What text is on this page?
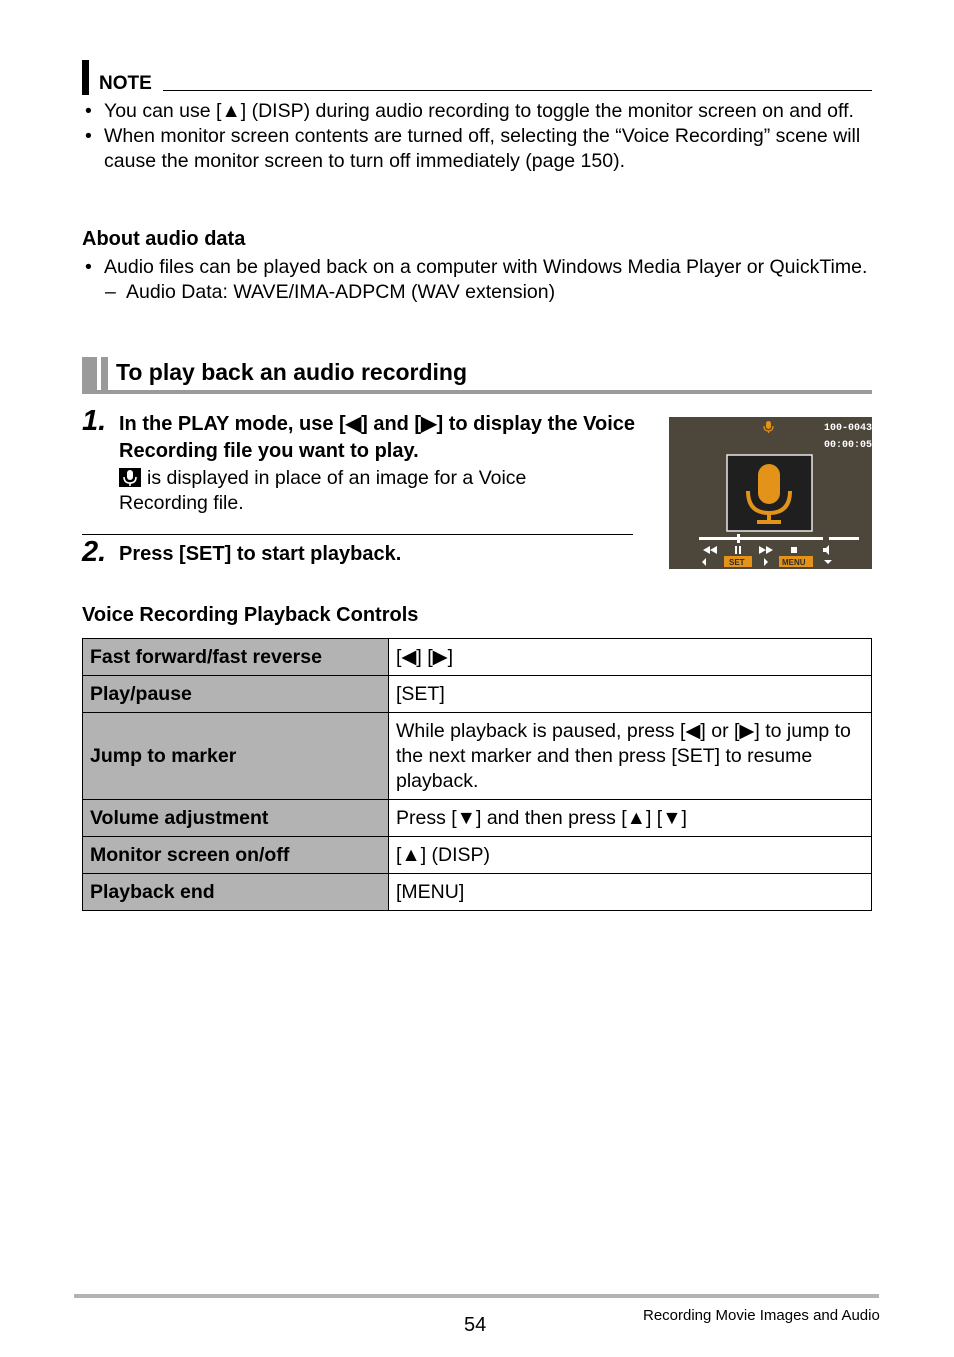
NOTE
• You can use [▲] (DISP) during audio recording to toggle the monitor screen on and off.
• When monitor screen contents are turned off, selecting the “Voice Recording” scene will cause the monitor screen to turn off immediately (page 150).
About audio data
• Audio files can be played back on a computer with Windows Media Player or QuickTime.
– Audio Data: WAVE/IMA-ADPCM (WAV extension)
To play back an audio recording
1. In the PLAY mode, use [◀] and [▶] to display the Voice Recording file you want to play.
is displayed in place of an image for a Voice Recording file.
2. Press [SET] to start playback.
100-0043
00:00:05
SET	MENU
Voice Recording Playback Controls
Fast forward/fast reverse	[◀] [▶]
Play/pause	[SET]
Jump to marker	While playback is paused, press [◀] or [▶] to jump to the next marker and then press [SET] to resume playback.
Volume adjustment	Press [▼] and then press [▲] [▼]
Monitor screen on/off	[▲] (DISP)
Playback end	[MENU]
54	Recording Movie Images and Audio
